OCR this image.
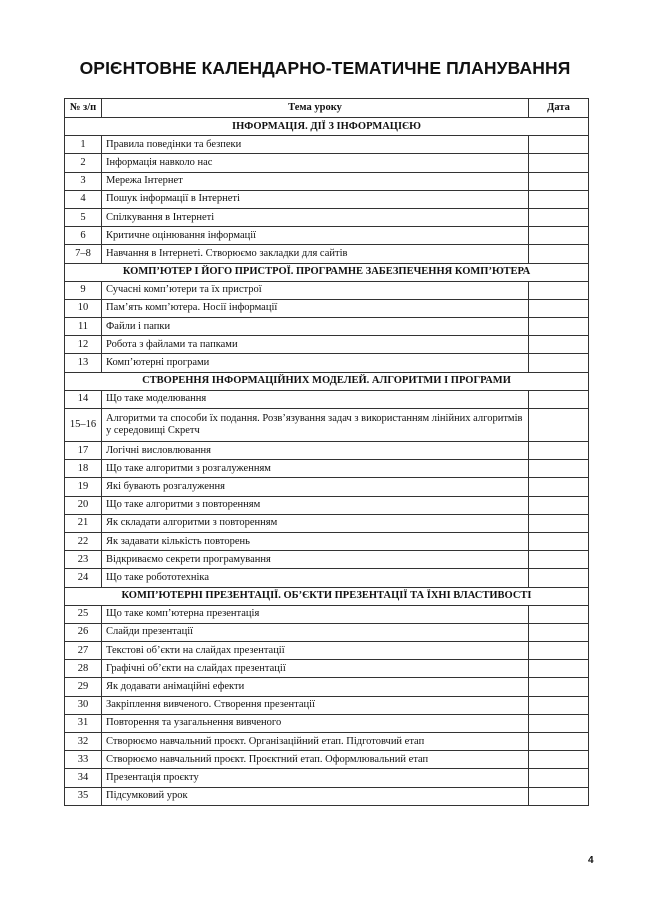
ОРІЄНТОВНЕ КАЛЕНДАРНО-ТЕМАТИЧНЕ ПЛАНУВАННЯ
№ з/п	Тема уроку	Дата
ІНФОРМАЦІЯ. ДІЇ З ІНФОРМАЦІЄЮ		
1	Правила поведінки та безпеки	
2	Інформація навколо нас	
3	Мережа Інтернет	
4	Пошук інформації в Інтернеті	
5	Спілкування в Інтернеті	
6	Критичне оцінювання інформації	
7–8	Навчання в Інтернеті. Створюємо закладки для сайтів	
КОМП’ЮТЕР І ЙОГО ПРИСТРОЇ. ПРОГРАМНЕ ЗАБЕЗПЕЧЕННЯ КОМП’ЮТЕРА		
9	Сучасні комп’ютери та їх пристрої	
10	Пам’ять комп’ютера. Носії інформації	
11	Файли і папки	
12	Робота з файлами та папками	
13	Комп’ютерні програми	
СТВОРЕННЯ ІНФОРМАЦІЙНИХ МОДЕЛЕЙ. АЛГОРИТМИ І ПРОГРАМИ		
14	Що таке моделювання	
15–16	Алгоритми та способи їх подання. Розв’язування задач з використанням лінійних алгоритмів у середовищі Скретч	
17	Логічні висловлювання	
18	Що таке алгоритми з розгалуженням	
19	Які бувають розгалуження	
20	Що таке алгоритми з повторенням	
21	Як складати алгоритми з повторенням	
22	Як задавати кількість повторень	
23	Відкриваємо секрети програмування	
24	Що таке робототехніка	
КОМП’ЮТЕРНІ ПРЕЗЕНТАЦІЇ. ОБ’ЄКТИ ПРЕЗЕНТАЦІЇ ТА ЇХНІ ВЛАСТИВОСТІ		
25	Що таке комп’ютерна презентація	
26	Слайди презентації	
27	Текстові об’єкти на слайдах презентації	
28	Графічні об’єкти на слайдах презентації	
29	Як додавати анімаційні ефекти	
30	Закріплення вивченого. Створення презентації	
31	Повторення та узагальнення вивченого	
32	Створюємо навчальний проєкт. Організаційний етап. Підготовчий етап	
33	Створюємо навчальний проєкт. Проєктний етап. Оформлювальний етап	
34	Презентація проєкту	
35	Підсумковий урок	
4
